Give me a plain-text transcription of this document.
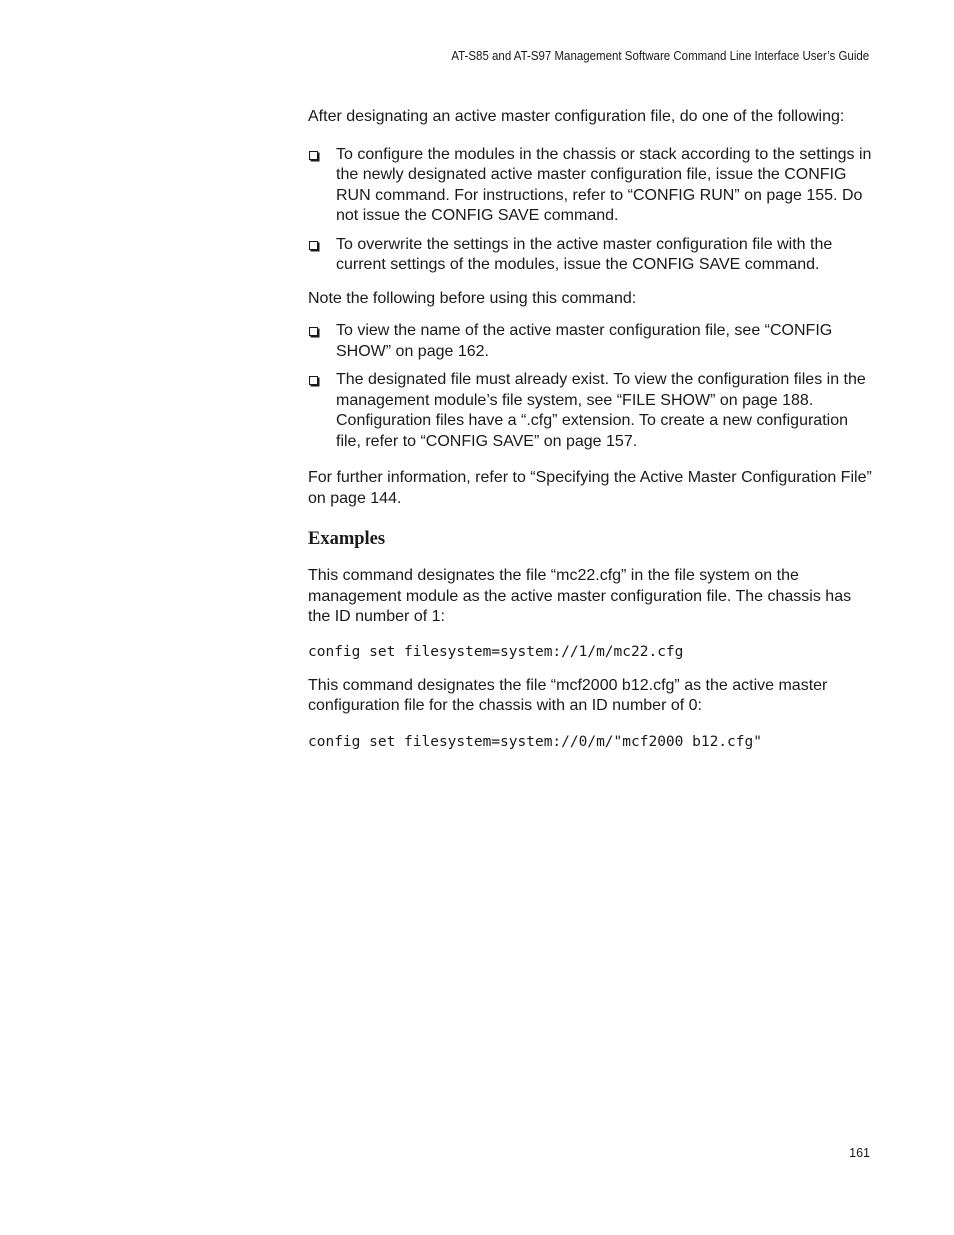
AT-S85 and AT-S97 Management Software Command Line Interface User’s Guide

After designating an active master configuration file, do one of the following:

To configure the modules in the chassis or stack according to the settings in the newly designated active master configuration file, issue the CONFIG RUN command. For instructions, refer to “CONFIG RUN” on page 155. Do not issue the CONFIG SAVE command.
To overwrite the settings in the active master configuration file with the current settings of the modules, issue the CONFIG SAVE command.

Note the following before using this command:

To view the name of the active master configuration file, see “CONFIG SHOW” on page 162.
The designated file must already exist. To view the configuration files in the management module’s file system, see “FILE SHOW” on page 188. Configuration files have a “.cfg” extension. To create a new configuration file, refer to “CONFIG SAVE” on page 157.

For further information, refer to “Specifying the Active Master Configuration File” on page 144.

Examples

This command designates the file “mc22.cfg” in the file system on the management module as the active master configuration file. The chassis has the ID number of 1:

config set filesystem=system://1/m/mc22.cfg

This command designates the file “mcf2000 b12.cfg” as the active master configuration file for the chassis with an ID number of 0:

config set filesystem=system://0/m/"mcf2000 b12.cfg"

161
